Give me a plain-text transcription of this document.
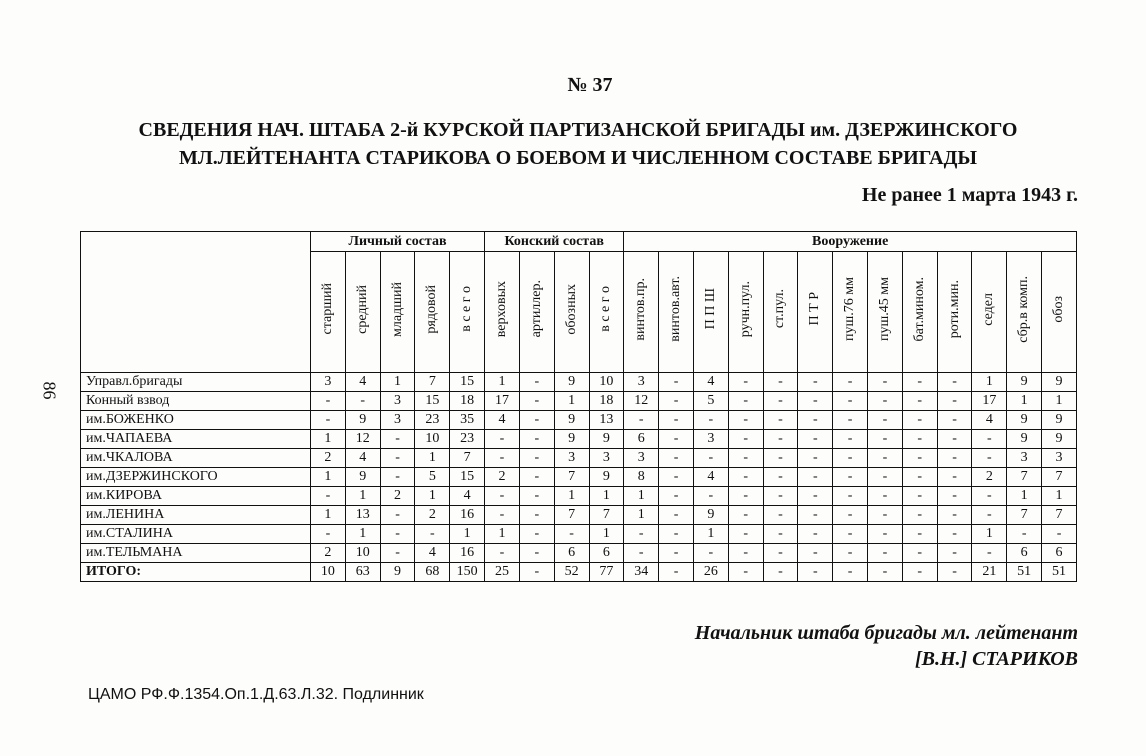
86
№ 37
СВЕДЕНИЯ НАЧ. ШТАБА 2-й КУРСКОЙ ПАРТИЗАНСКОЙ БРИГАДЫ им. ДЗЕРЖИНСКОГО
МЛ.ЛЕЙТЕНАНТА СТАРИКОВА О БОЕВОМ И ЧИСЛЕННОМ СОСТАВЕ БРИГАДЫ
Не ранее 1 марта 1943 г.
	Личный состав					Конский состав				Вооружение												
	старший	средний	младший	рядовой	в с е г о	верховых	артиллер.	обозных	в с е г о	винтов.пр.	винтов.авт.	П П Ш	ручн.пул.	ст.пул.	П Т Р	пуш.76 мм	пуш.45 мм	бат.мином.	роти.мин.	седел	сбр.в комп.	обоз
Управл.бригады	3	4	1	7	15	1	-	9	10	3	-	4	-	-	-	-	-	-	-	1	9	9
Конный взвод	-	-	3	15	18	17	-	1	18	12	-	5	-	-	-	-	-	-	-	17	1	1
им.БОЖЕНКО	-	9	3	23	35	4	-	9	13	-	-	-	-	-	-	-	-	-	-	4	9	9
им.ЧАПАЕВА	1	12	-	10	23	-	-	9	9	6	-	3	-	-	-	-	-	-	-	-	9	9
им.ЧКАЛОВА	2	4	-	1	7	-	-	3	3	3	-	-	-	-	-	-	-	-	-	-	3	3
им.ДЗЕРЖИНСКОГО	1	9	-	5	15	2	-	7	9	8	-	4	-	-	-	-	-	-	-	2	7	7
им.КИРОВА	-	1	2	1	4	-	-	1	1	1	-	-	-	-	-	-	-	-	-	-	1	1
им.ЛЕНИНА	1	13	-	2	16	-	-	7	7	1	-	9	-	-	-	-	-	-	-	-	7	7
им.СТАЛИНА	-	1	-	-	1	1	-	-	1	-	-	1	-	-	-	-	-	-	-	1	-	-
им.ТЕЛЬМАНА	2	10	-	4	16	-	-	6	6	-	-	-	-	-	-	-	-	-	-	-	6	6
ИТОГО:	10	63	9	68	150	25	-	52	77	34	-	26	-	-	-	-	-	-	-	21	51	51
Начальник штаба бригады мл. лейтенант
[В.Н.] СТАРИКОВ
ЦАМО РФ.Ф.1354.Оп.1.Д.63.Л.32. Подлинник
